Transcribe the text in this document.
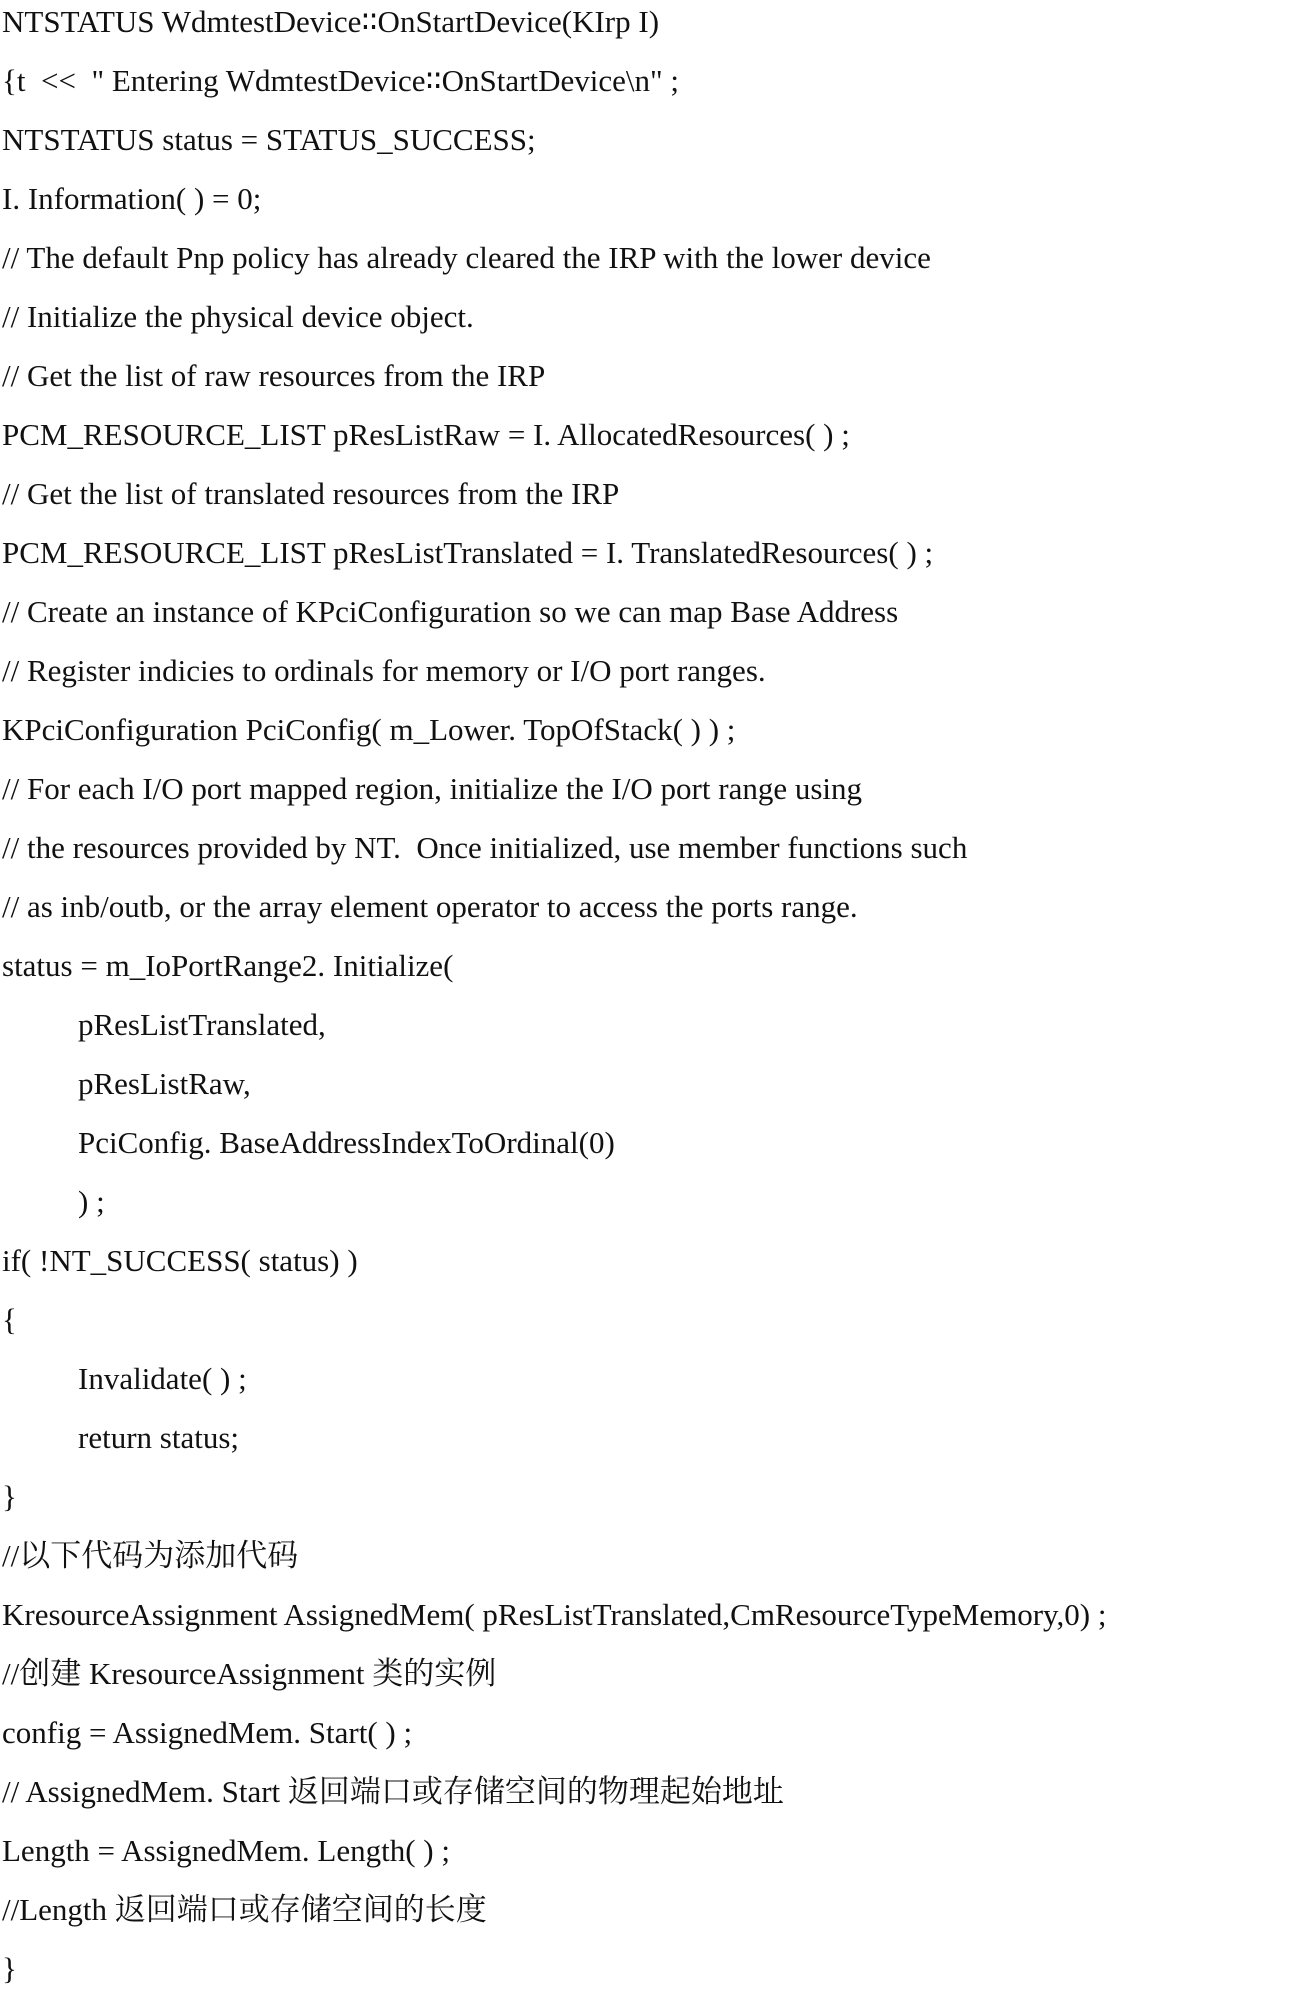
NTSTATUS WdmtestDevice∶∶OnStartDevice(KIrp I)
{t  <<  " Entering WdmtestDevice∶∶OnStartDevice\n" ;
NTSTATUS status = STATUS_SUCCESS;
I. Information( ) = 0;
// The default Pnp policy has already cleared the IRP with the lower device
// Initialize the physical device object.
// Get the list of raw resources from the IRP
PCM_RESOURCE_LIST pResListRaw = I. AllocatedResources( ) ;
// Get the list of translated resources from the IRP
PCM_RESOURCE_LIST pResListTranslated = I. TranslatedResources( ) ;
// Create an instance of KPciConfiguration so we can map Base Address
// Register indicies to ordinals for memory or I/O port ranges.
KPciConfiguration PciConfig( m_Lower. TopOfStack( ) ) ;
// For each I/O port mapped region, initialize the I/O port range using
// the resources provided by NT.  Once initialized, use member functions such
// as inb/outb, or the array element operator to access the ports range.
status = m_IoPortRange2. Initialize(
pResListTranslated,
pResListRaw,
PciConfig. BaseAddressIndexToOrdinal(0)
) ;
if( !NT_SUCCESS( status) )
{
Invalidate( ) ;
return status;
}
//以下代码为添加代码
KresourceAssignment AssignedMem( pResListTranslated,CmResourceTypeMemory,0) ;
//创建 KresourceAssignment 类的实例
config = AssignedMem. Start( ) ;
// AssignedMem. Start 返回端口或存储空间的物理起始地址
Length = AssignedMem. Length( ) ;
//Length 返回端口或存储空间的长度
}
